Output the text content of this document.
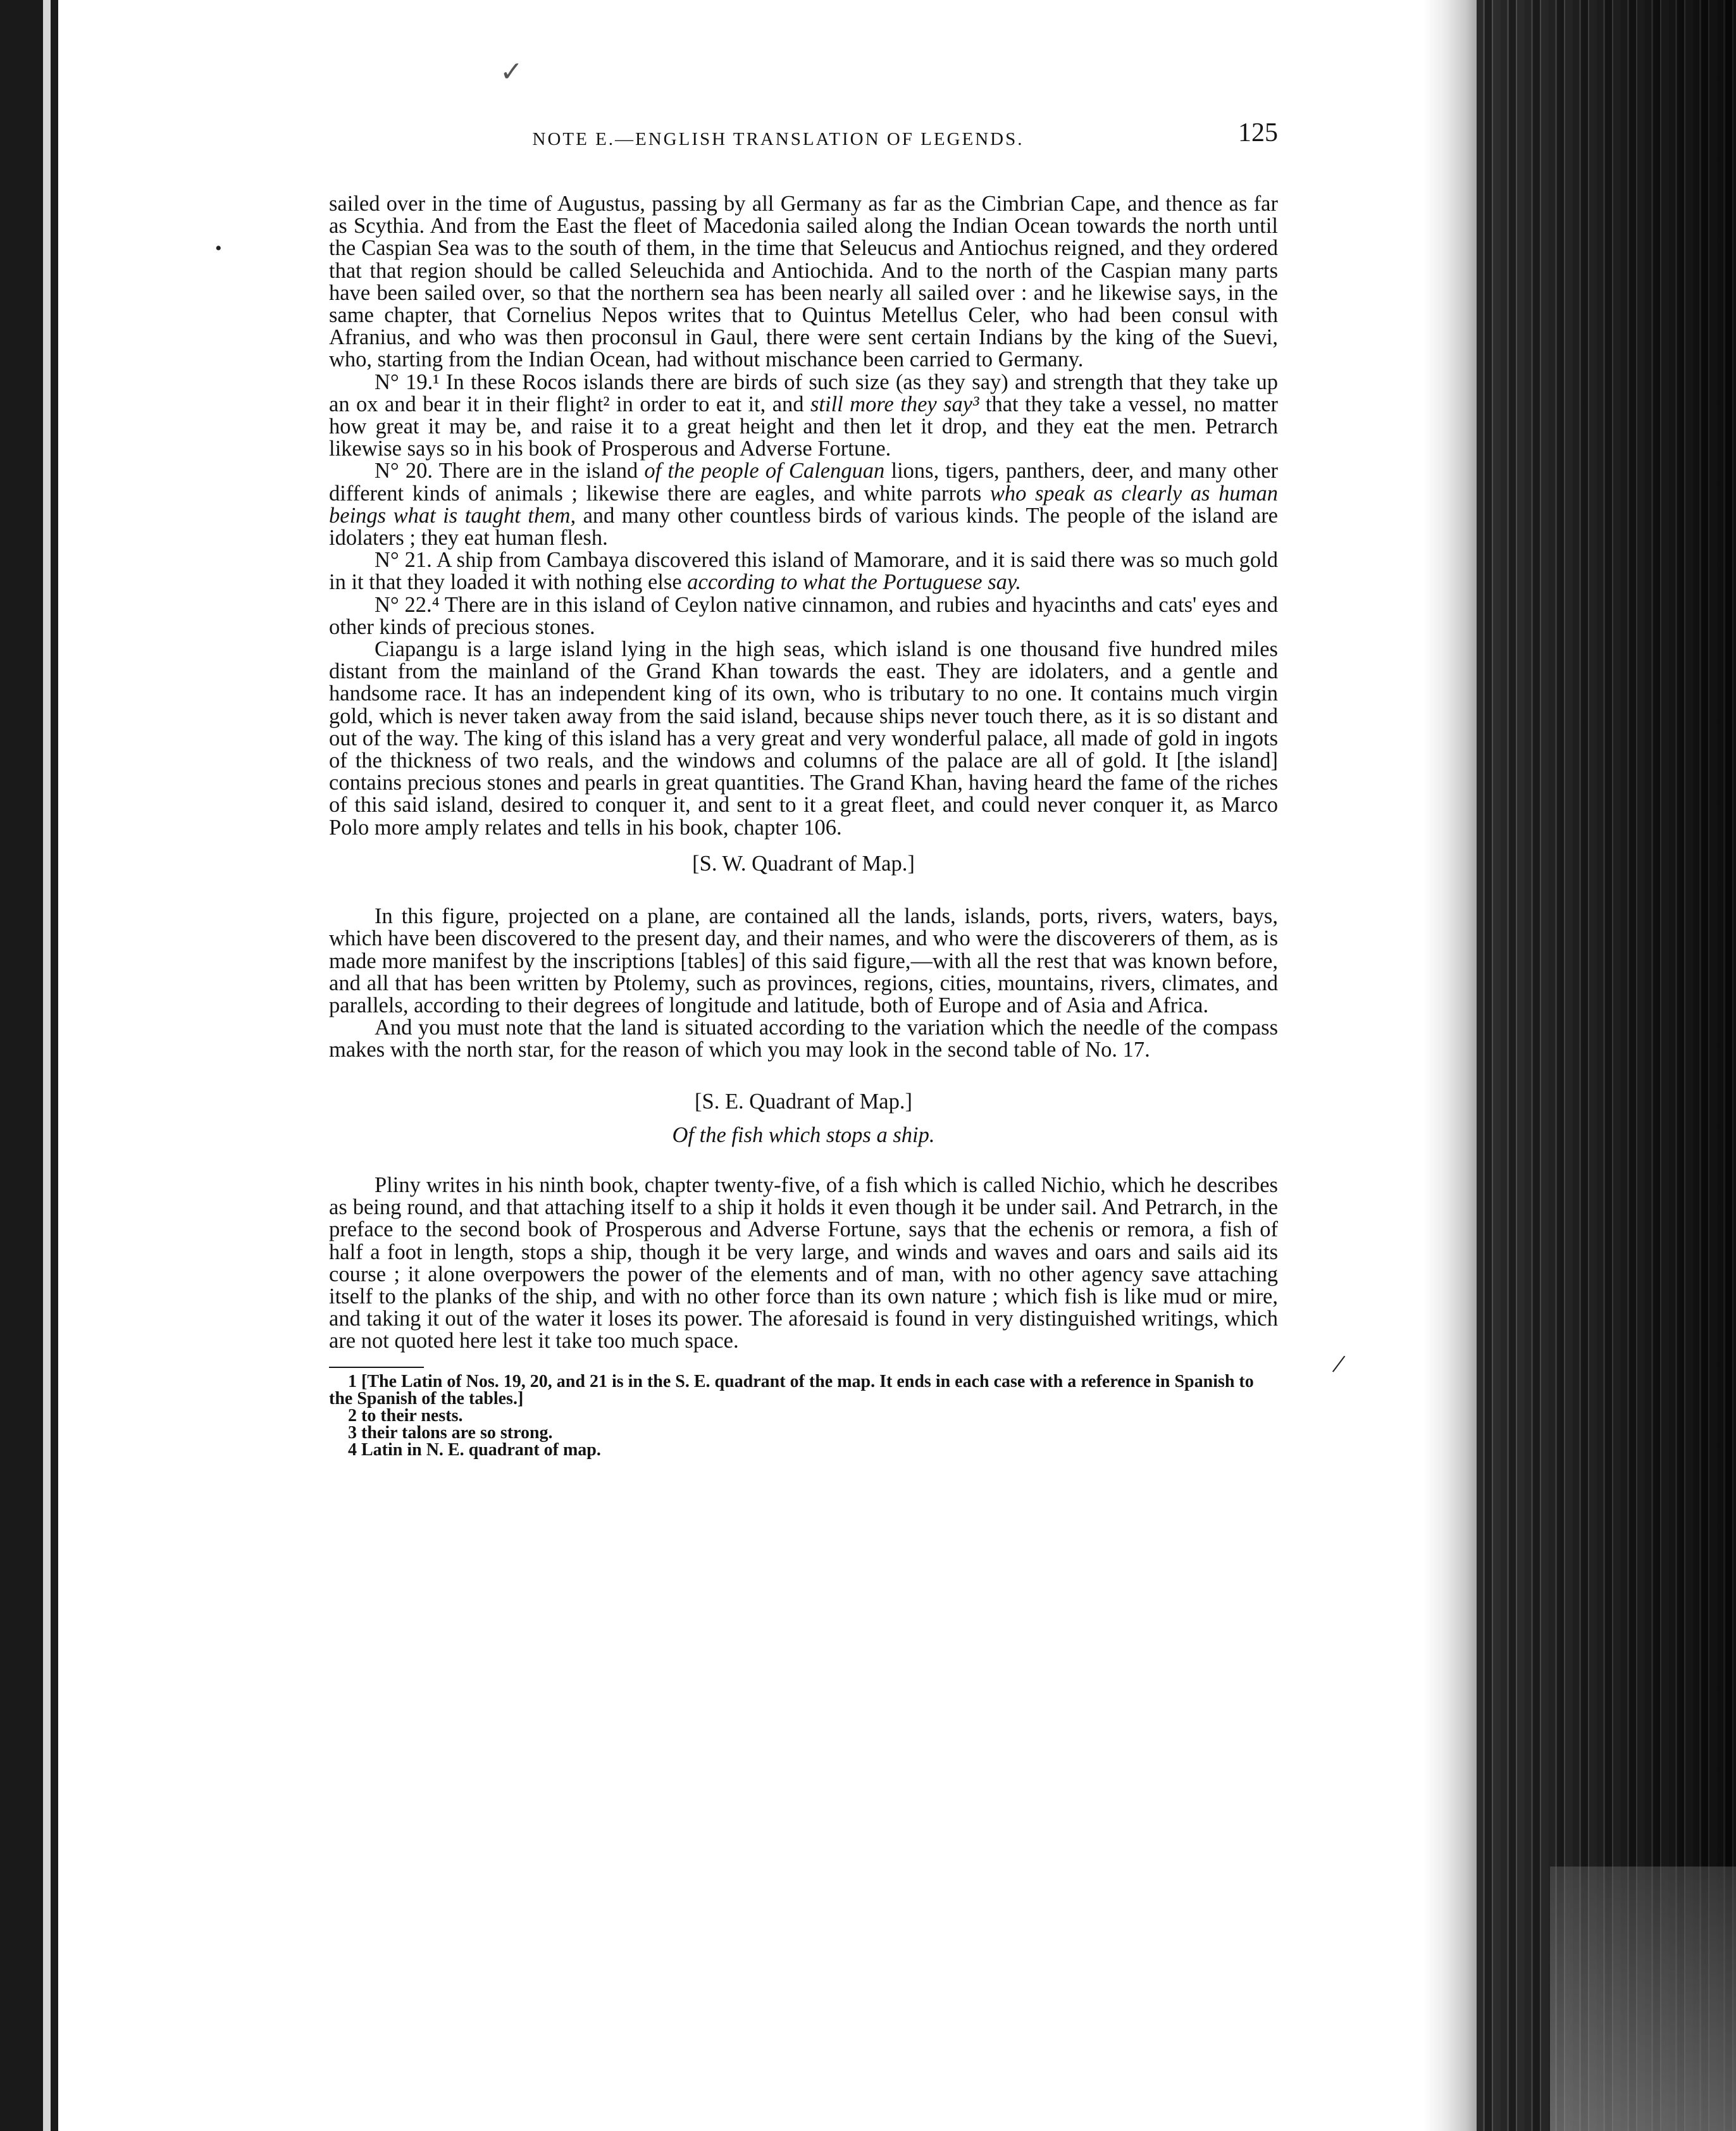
NOTE E.—ENGLISH TRANSLATION OF LEGENDS.	125

sailed over in the time of Augustus, passing by all Germany as far as the Cimbrian Cape, and thence as far as Scythia. And from the East the fleet of Macedonia sailed along the Indian Ocean towards the north until the Caspian Sea was to the south of them, in the time that Seleucus and Antiochus reigned, and they ordered that that region should be called Seleuchida and Antiochida. And to the north of the Caspian many parts have been sailed over, so that the northern sea has been nearly all sailed over : and he likewise says, in the same chapter, that Cornelius Nepos writes that to Quintus Metellus Celer, who had been consul with Afranius, and who was then proconsul in Gaul, there were sent certain Indians by the king of the Suevi, who, starting from the Indian Ocean, had without mischance been carried to Germany.

N° 19.¹ In these Rocos islands there are birds of such size (as they say) and strength that they take up an ox and bear it in their flight² in order to eat it, and still more they say³ that they take a vessel, no matter how great it may be, and raise it to a great height and then let it drop, and they eat the men. Petrarch likewise says so in his book of Prosperous and Adverse Fortune.

N° 20. There are in the island of the people of Calenguan lions, tigers, panthers, deer, and many other different kinds of animals ; likewise there are eagles, and white parrots who speak as clearly as human beings what is taught them, and many other countless birds of various kinds. The people of the island are idolaters ; they eat human flesh.

N° 21. A ship from Cambaya discovered this island of Mamorare, and it is said there was so much gold in it that they loaded it with nothing else according to what the Portuguese say.

N° 22.⁴ There are in this island of Ceylon native cinnamon, and rubies and hyacinths and cats' eyes and other kinds of precious stones.

Ciapangu is a large island lying in the high seas, which island is one thousand five hundred miles distant from the mainland of the Grand Khan towards the east. They are idolaters, and a gentle and handsome race. It has an independent king of its own, who is tributary to no one. It contains much virgin gold, which is never taken away from the said island, because ships never touch there, as it is so distant and out of the way. The king of this island has a very great and very wonderful palace, all made of gold in ingots of the thickness of two reals, and the windows and columns of the palace are all of gold. It [the island] contains precious stones and pearls in great quantities. The Grand Khan, having heard the fame of the riches of this said island, desired to conquer it, and sent to it a great fleet, and could never conquer it, as Marco Polo more amply relates and tells in his book, chapter 106.

[S. W. Quadrant of Map.]

In this figure, projected on a plane, are contained all the lands, islands, ports, rivers, waters, bays, which have been discovered to the present day, and their names, and who were the discoverers of them, as is made more manifest by the inscriptions [tables] of this said figure,—with all the rest that was known before, and all that has been written by Ptolemy, such as provinces, regions, cities, mountains, rivers, climates, and parallels, according to their degrees of longitude and latitude, both of Europe and of Asia and Africa.

And you must note that the land is situated according to the variation which the needle of the compass makes with the north star, for the reason of which you may look in the second table of No. 17.

[S. E. Quadrant of Map.]
Of the fish which stops a ship.

Pliny writes in his ninth book, chapter twenty-five, of a fish which is called Nichio, which he describes as being round, and that attaching itself to a ship it holds it even though it be under sail. And Petrarch, in the preface to the second book of Prosperous and Adverse Fortune, says that the echenis or remora, a fish of half a foot in length, stops a ship, though it be very large, and winds and waves and oars and sails aid its course ; it alone overpowers the power of the elements and of man, with no other agency save attaching itself to the planks of the ship, and with no other force than its own nature ; which fish is like mud or mire, and taking it out of the water it loses its power. The aforesaid is found in very distinguished writings, which are not quoted here lest it take too much space.

1 [The Latin of Nos. 19, 20, and 21 is in the S. E. quadrant of the map. It ends in each case with a reference in Spanish to the Spanish of the tables.]

2 to their nests.

3 their talons are so strong.

4 Latin in N. E. quadrant of map.

•
/
✓
